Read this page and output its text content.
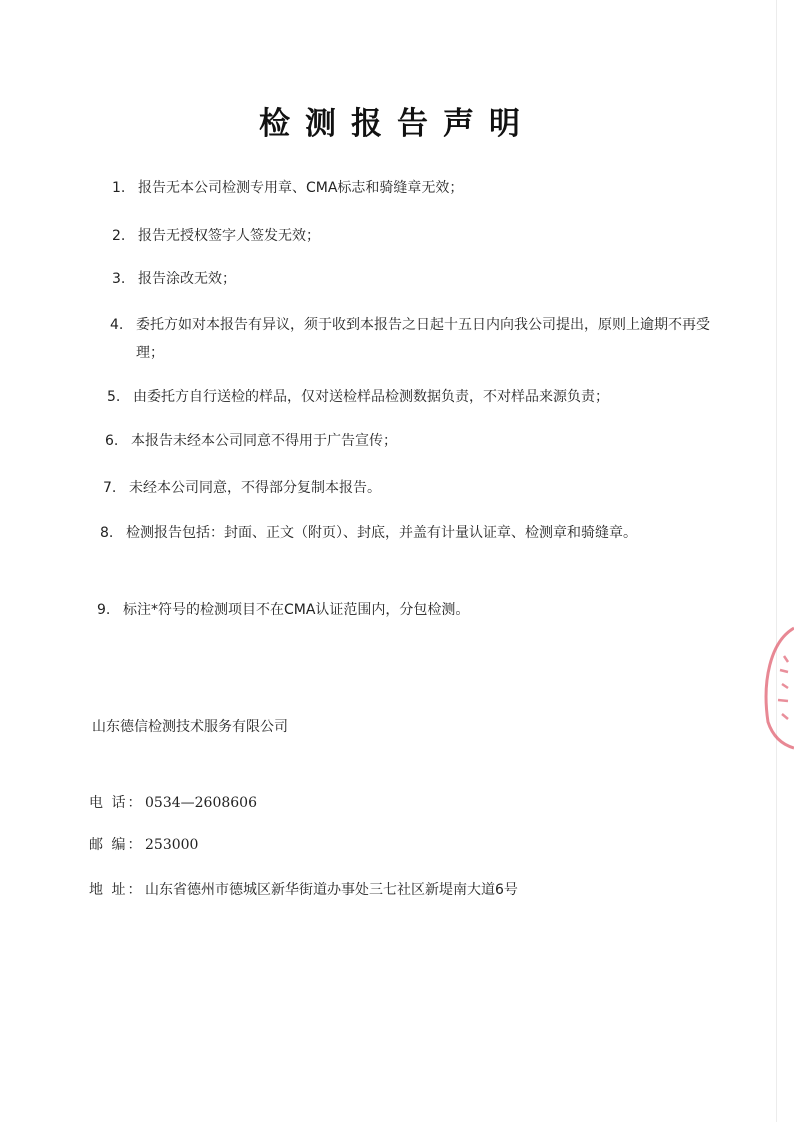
检测报告声明
1. 报告无本公司检测专用章、CMA标志和骑缝章无效；
2. 报告无授权签字人签发无效；
3. 报告涂改无效；
4. 委托方如对本报告有异议，须于收到本报告之日起十五日内向我公司提出，原则上逾期不再受理；
5. 由委托方自行送检的样品，仅对送检样品检测数据负责，不对样品来源负责；
6. 本报告未经本公司同意不得用于广告宣传；
7. 未经本公司同意，不得部分复制本报告。
8. 检测报告包括：封面、正文（附页）、封底，并盖有计量认证章、检测章和骑缝章。
9. 标注*符号的检测项目不在CMA认证范围内，分包检测。
山东德信检测技术服务有限公司
电 话： 0534—2608606
邮 编： 253000
地 址： 山东省德州市德城区新华街道办事处三七社区新堤南大道6号
